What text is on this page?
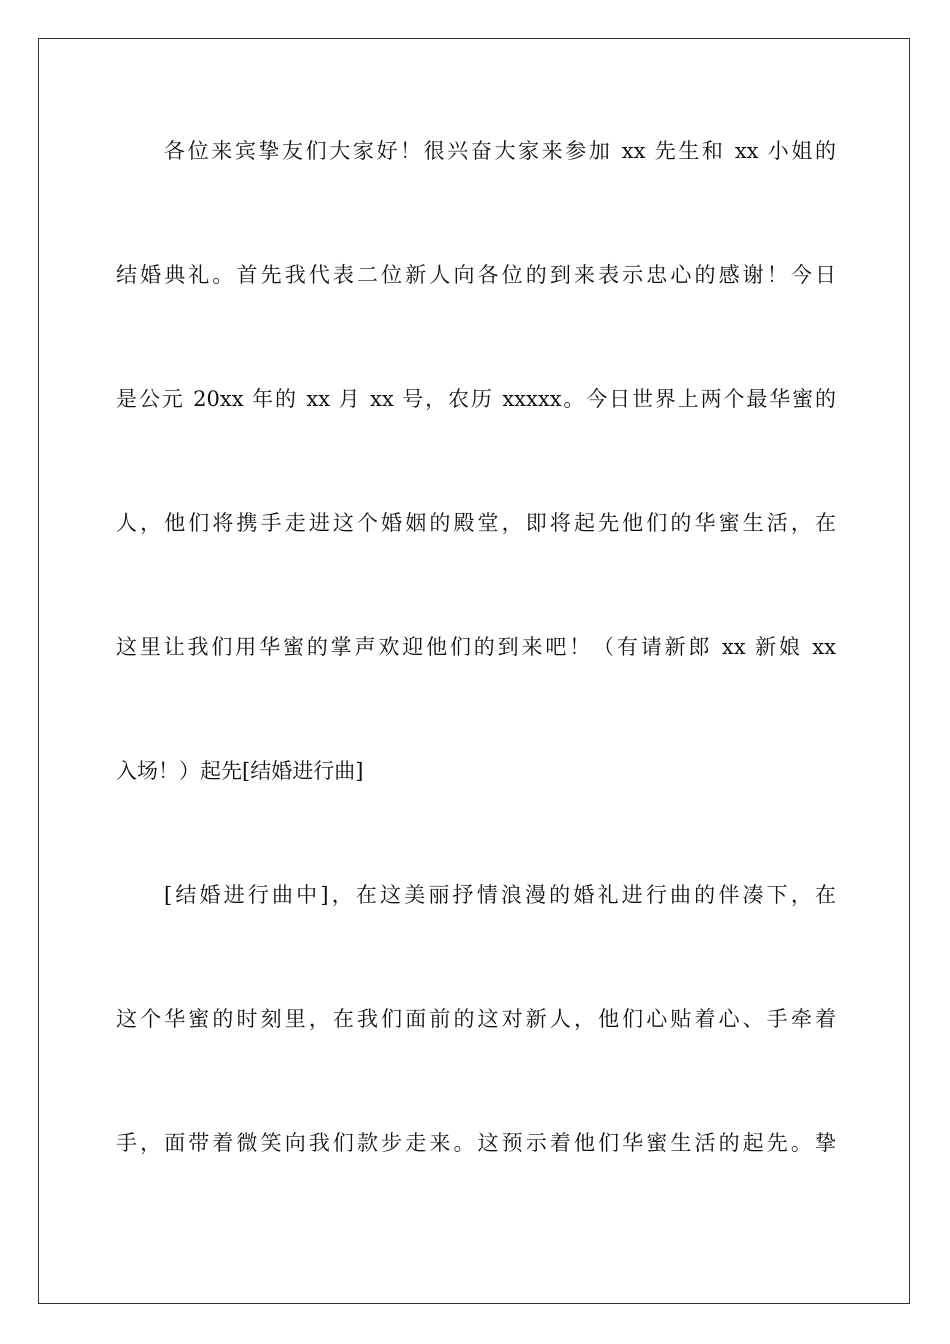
各位来宾挚友们大家好！很兴奋大家来参加 xx 先生和 xx 小姐的
结婚典礼。首先我代表二位新人向各位的到来表示忠心的感谢！今日
是公元 20xx 年的 xx 月 xx 号，农历 xxxxx。今日世界上两个最华蜜的
人，他们将携手走进这个婚姻的殿堂，即将起先他们的华蜜生活，在
这里让我们用华蜜的掌声欢迎他们的到来吧！（有请新郎 xx 新娘 xx
入场！）起先[结婚进行曲]
[结婚进行曲中]，在这美丽抒情浪漫的婚礼进行曲的伴凑下，在
这个华蜜的时刻里，在我们面前的这对新人，他们心贴着心、手牵着
手，面带着微笑向我们款步走来。这预示着他们华蜜生活的起先。挚
